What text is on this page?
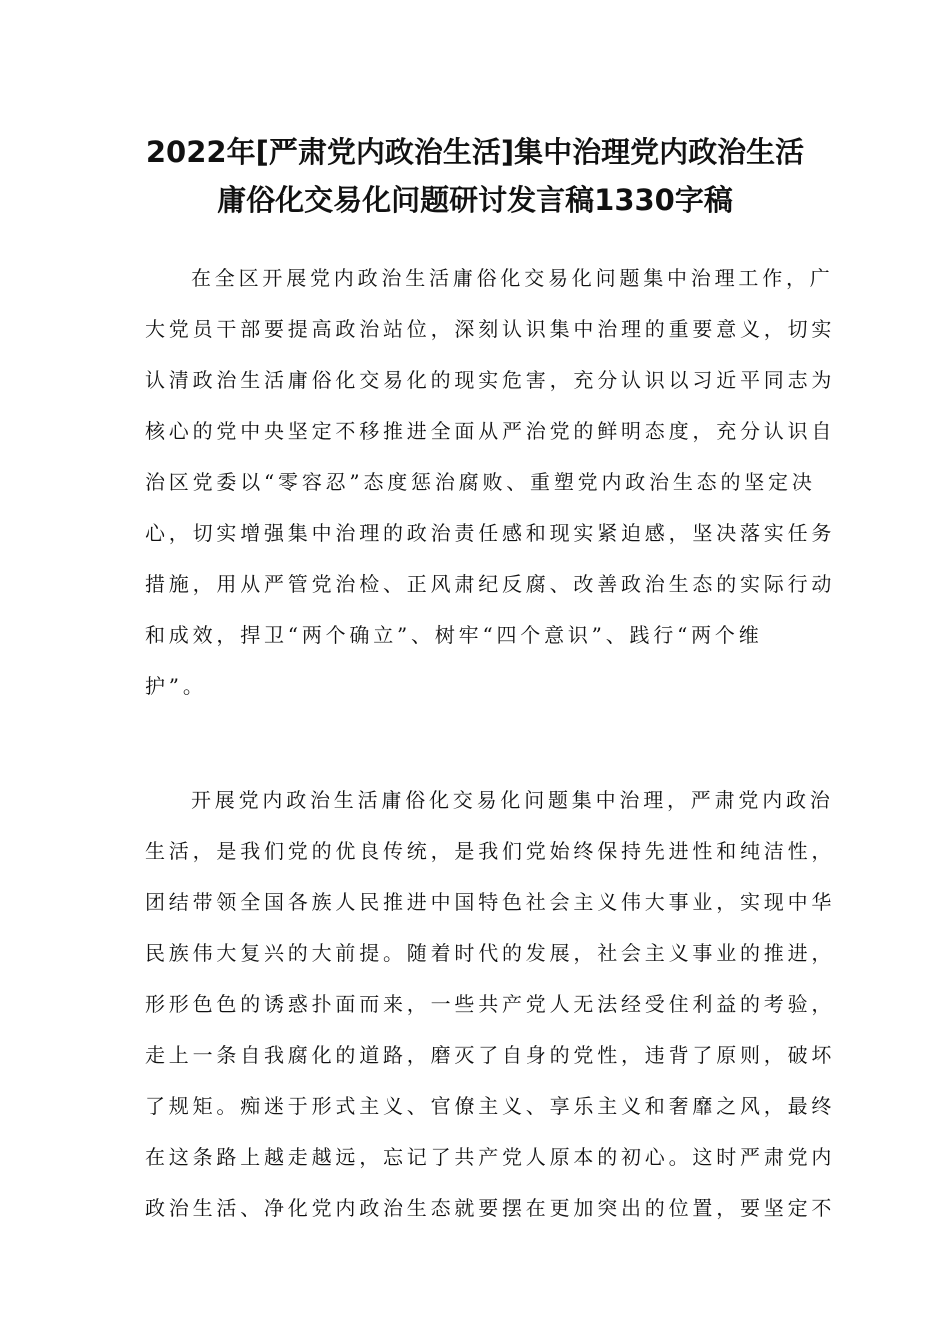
2022年[严肃党内政治生活]集中治理党内政治生活
庸俗化交易化问题研讨发言稿1330字稿
在全区开展党内政治生活庸俗化交易化问题集中治理工作，广
大党员干部要提高政治站位，深刻认识集中治理的重要意义，切实
认清政治生活庸俗化交易化的现实危害，充分认识以习近平同志为
核心的党中央坚定不移推进全面从严治党的鲜明态度，充分认识自
治区党委以“零容忍”态度惩治腐败、重塑党内政治生态的坚定决
心，切实增强集中治理的政治责任感和现实紧迫感，坚决落实任务
措施，用从严管党治检、正风肃纪反腐、改善政治生态的实际行动
和成效，捍卫“两个确立”、树牢“四个意识”、践行“两个维
护”。
开展党内政治生活庸俗化交易化问题集中治理，严肃党内政治
生活，是我们党的优良传统，是我们党始终保持先进性和纯洁性，
团结带领全国各族人民推进中国特色社会主义伟大事业，实现中华
民族伟大复兴的大前提。随着时代的发展，社会主义事业的推进，
形形色色的诱惑扑面而来，一些共产党人无法经受住利益的考验，
走上一条自我腐化的道路，磨灭了自身的党性，违背了原则，破坏
了规矩。痴迷于形式主义、官僚主义、享乐主义和奢靡之风，最终
在这条路上越走越远，忘记了共产党人原本的初心。这时严肃党内
政治生活、净化党内政治生态就要摆在更加突出的位置，要坚定不
